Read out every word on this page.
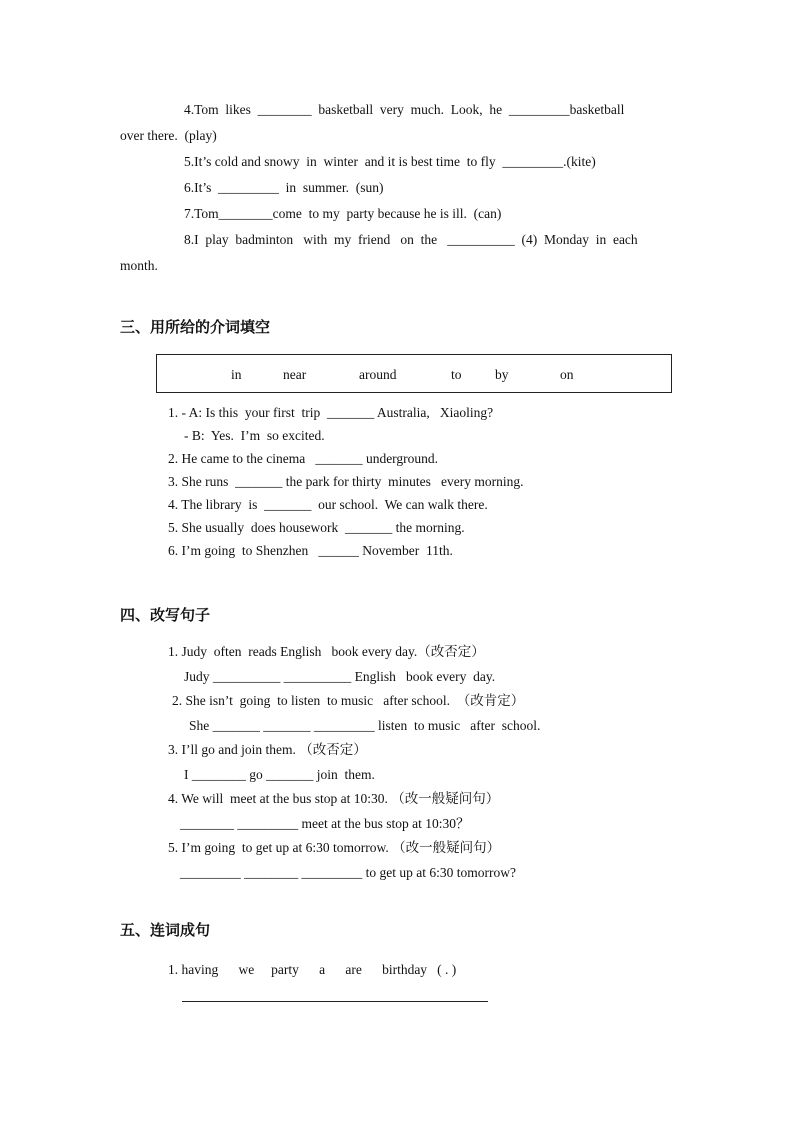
4.Tom  likes  ________  basketball  very  much.  Look,  he  _________basketball
over there.  (play)
5.It’s cold and snowy  in  winter  and it is best time  to fly  _________.(kite)
6.It’s  _________  in  summer.  (sun)
7.Tom________come  to my  party because he is ill.  (can)
8.I  play  badminton   with  my  friend   on  the   __________  (4)  Monday  in  each
month.
三、用所给的介词填空
in	near	around	to by	on
1. - A: Is this  your first  trip  _______ Australia,   Xiaoling?
- B:  Yes.  I’m  so excited.
2. He came to the cinema   _______ underground.
3. She runs  _______ the park for thirty  minutes   every morning.
4. The library  is  _______  our school.  We can walk there.
5. She usually  does housework  _______ the morning.
6. I’m going  to Shenzhen   ______ November  11th.
四、改写句子
1. Judy  often  reads English   book every day.（改否定）
Judy __________ __________ English   book every  day.
2. She isn’t  going  to listen  to music   after school.  （改肯定）
She _______ _______ _________ listen  to music   after  school.
3. I’ll go and join them. （改否定）
I ________ go _______ join  them.
4. We will  meet at the bus stop at 10:30. （改一般疑问句）
________ _________ meet at the bus stop at 10:30？
5. I’m going  to get up at 6:30 tomorrow. （改一般疑问句）
_________ ________ _________ to get up at 6:30 tomorrow?
五、连词成句
1. having      we     party      a      are      birthday   ( . )
